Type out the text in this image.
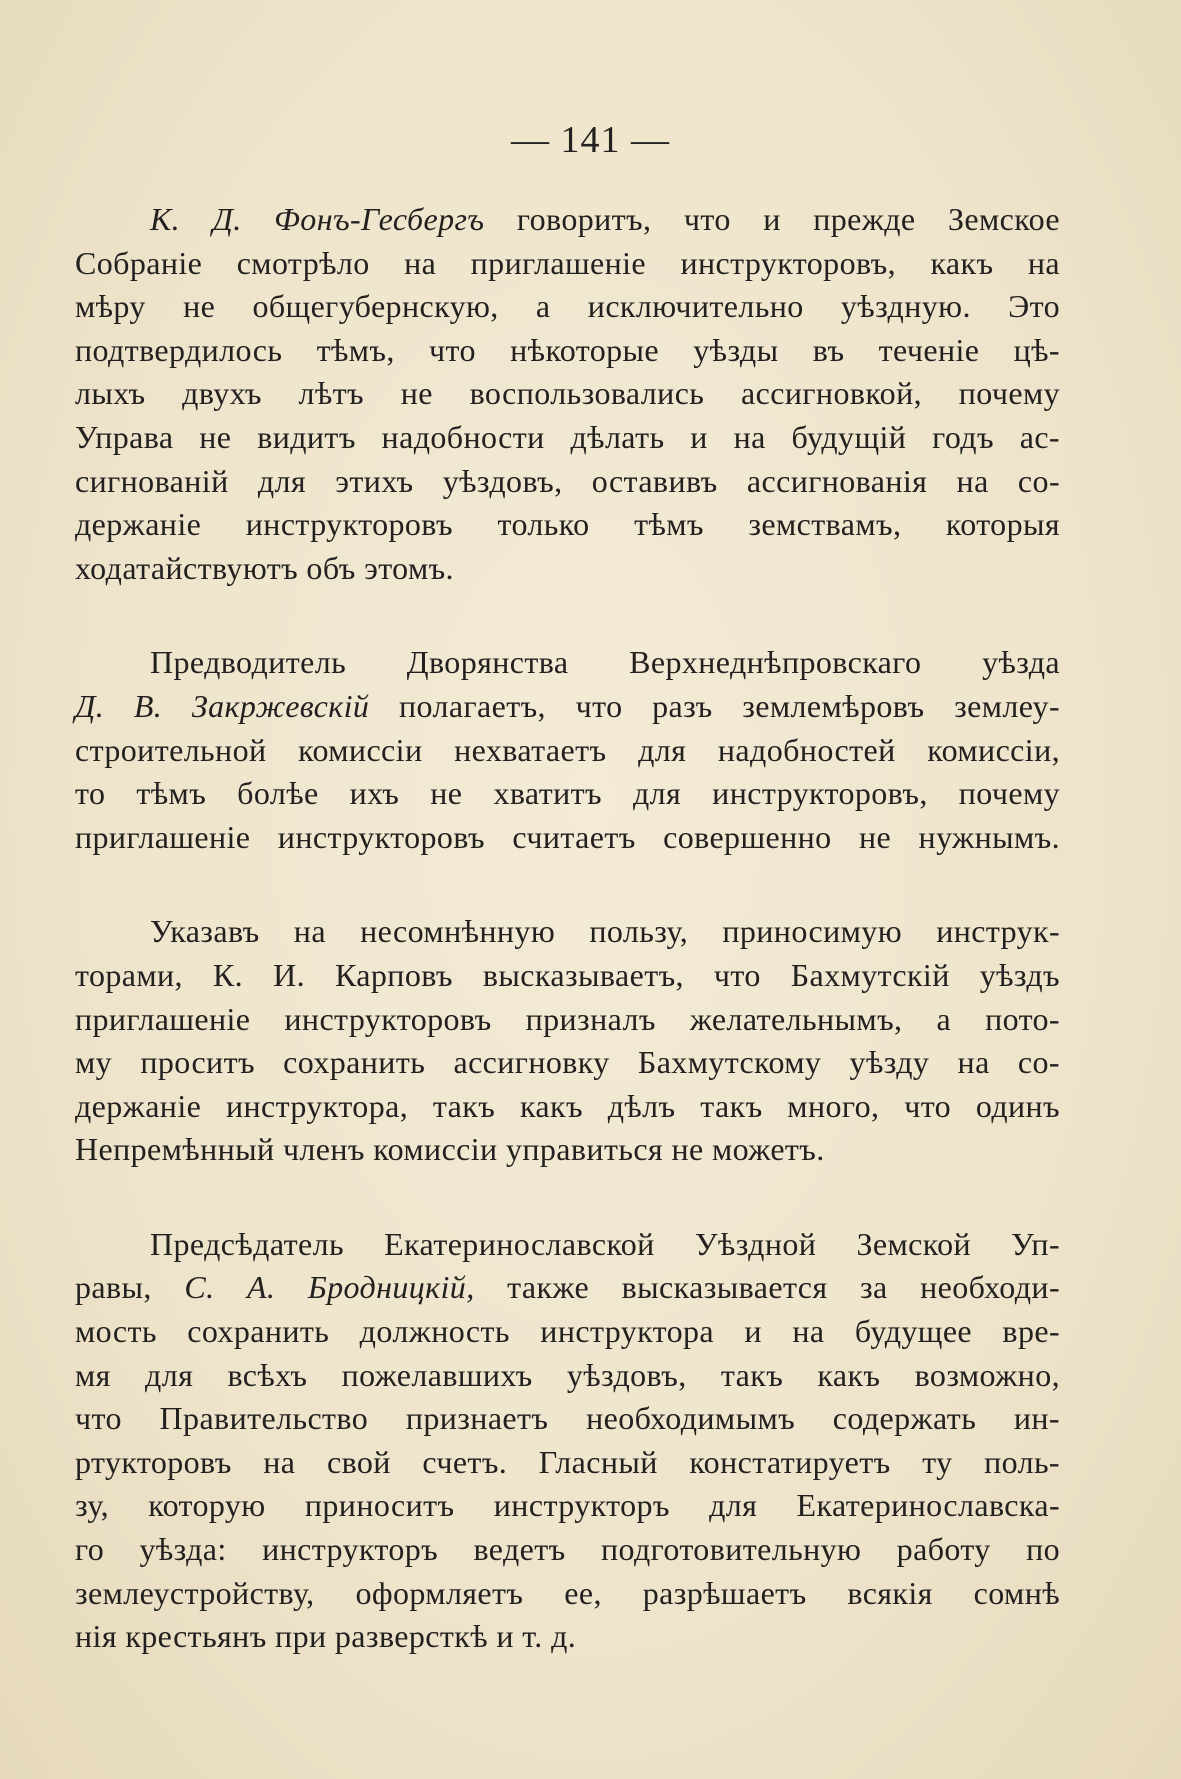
— 141 —
К. Д. Фонъ-Гесбергъ говоритъ, что и прежде Земское
Собраніе смотрѣло на приглашеніе инструкторовъ, какъ на
мѣру не общегубернскую, а исключительно уѣздную. Это
подтвердилось тѣмъ, что нѣкоторые уѣзды въ теченіе цѣ-
лыхъ двухъ лѣтъ не воспользовались ассигновкой, почему
Управа не видитъ надобности дѣлать и на будущій годъ ас-
сигнованій для этихъ уѣздовъ, оставивъ ассигнованія на со-
держаніе инструкторовъ только тѣмъ земствамъ, которыя
ходатайствуютъ объ этомъ.
Предводитель Дворянства Верхнеднѣпровскаго уѣзда
Д. В. Закржевскій полагаетъ, что разъ землемѣровъ землеу-
строительной комиссіи нехватаетъ для надобностей комиссіи,
то тѣмъ болѣе ихъ не хватитъ для инструкторовъ, почему
приглашеніе инструкторовъ считаетъ совершенно не нужнымъ.
Указавъ на несомнѣнную пользу, приносимую инструк-
торами, К. И. Карповъ высказываетъ, что Бахмутскій уѣздъ
приглашеніе инструкторовъ призналъ желательнымъ, а пото-
му проситъ сохранить ассигновку Бахмутскому уѣзду на со-
держаніе инструктора, такъ какъ дѣлъ такъ много, что одинъ
Непремѣнный членъ комиссіи управиться не можетъ.
Предсѣдатель Екатеринославской Уѣздной Земской Уп-
равы, С. А. Бродницкій, также высказывается за необходи-
мость сохранить должность инструктора и на будущее вре-
мя для всѣхъ пожелавшихъ уѣздовъ, такъ какъ возможно,
что Правительство признаетъ необходимымъ содержать ин-
ртукторовъ на свой счетъ. Гласный констатируетъ ту поль-
зу, которую приноситъ инструкторъ для Екатеринославска-
го уѣзда: инструкторъ ведетъ подготовительную работу по
землеустройству, оформляетъ ее, разрѣшаетъ всякія сомнѣ
нія крестьянъ при разверсткѣ и т. д.
